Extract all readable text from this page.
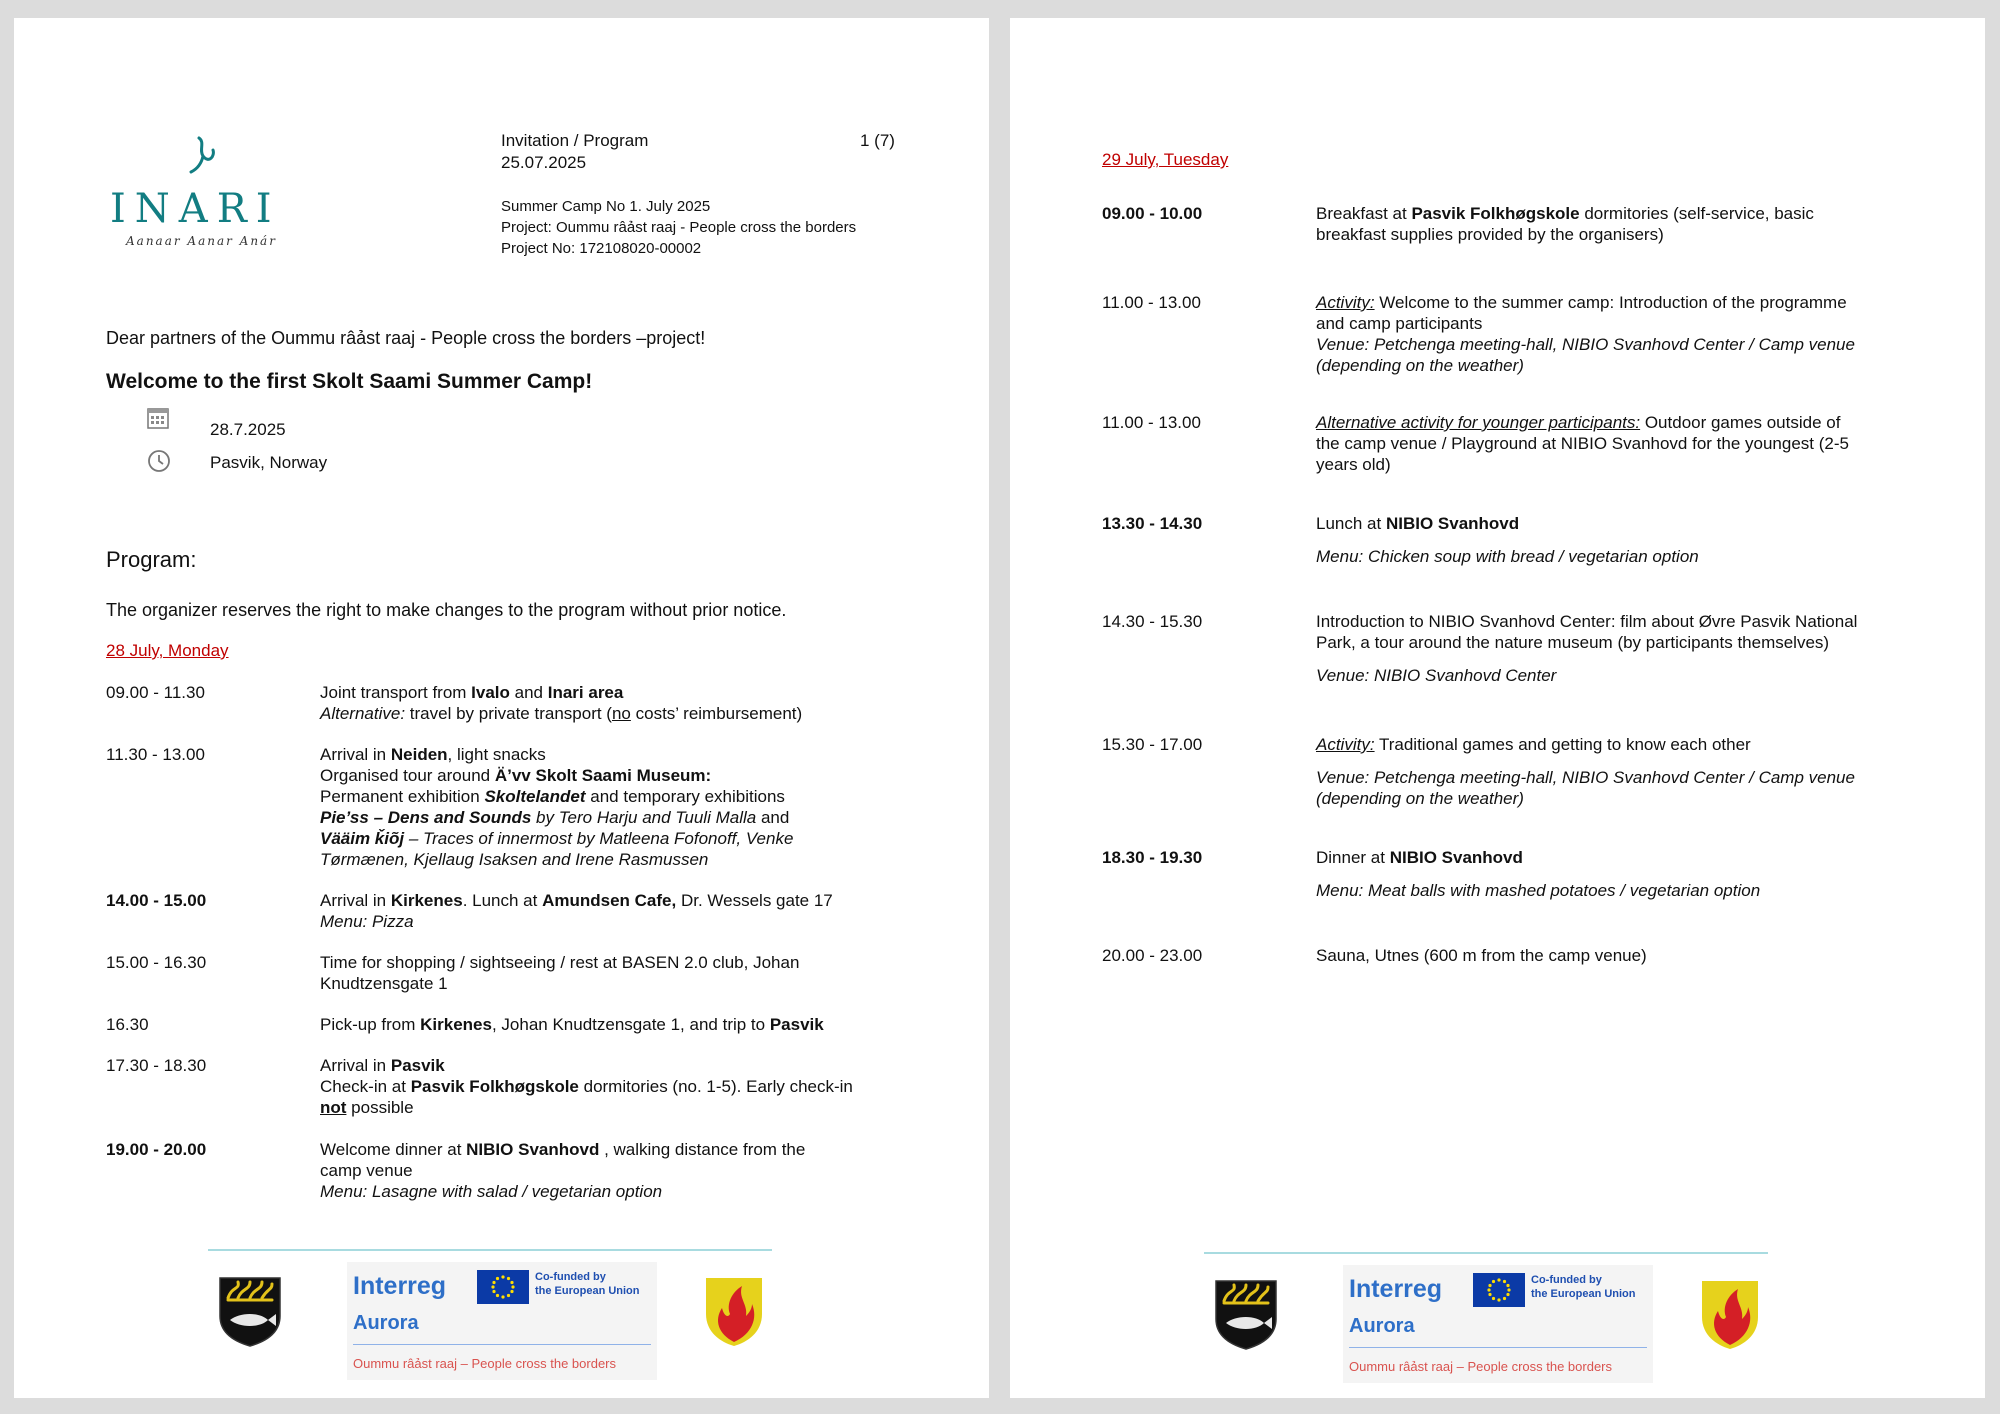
INARI
Aanaar Aanar Anár
Invitation / Program	1 (7)
25.07.2025
Summer Camp No 1. July 2025
Project: Oummu râảst raaj - People cross the borders
Project No: 172108020-00002
Dear partners of the Oummu râảst raaj - People cross the borders –project!
Welcome to the first Skolt Saami Summer Camp!
28.7.2025
Pasvik, Norway
Program:
The organizer reserves the right to make changes to the program without prior notice.
28 July, Monday
09.00 - 11.30	Joint transport from Ivalo and Inari area

Alternative: travel by private transport (no costs’ reimbursement)

11.30 - 13.00	Arrival in Neiden, light snacks

Organised tour around Ä’vv Skolt Saami Museum:

Permanent exhibition Skoltelandet and temporary exhibitions

Pie’ss – Dens and Sounds by Tero Harju and Tuuli Malla and

Vääim ǩiõj – Traces of innermost by Matleena Fofonoff, Venke

Tørmænen, Kjellaug Isaksen and Irene Rasmussen

14.00 - 15.00	Arrival in Kirkenes. Lunch at Amundsen Cafe, Dr. Wessels gate 17

Menu: Pizza

15.00 - 16.30	Time for shopping / sightseeing / rest at BASEN 2.0 club, Johan

Knudtzensgate 1

16.30	Pick-up from Kirkenes, Johan Knudtzensgate 1, and trip to Pasvik

17.30 - 18.30	Arrival in Pasvik

Check-in at Pasvik Folkhøgskole dormitories (no. 1-5). Early check-in

not possible

19.00 - 20.00	Welcome dinner at NIBIO Svanhovd , walking distance from the

camp venue

Menu: Lasagne with salad / vegetarian option

Interreg
Aurora
Co-funded by
the European Union
Oummu râảst raaj – People cross the borders
29 July, Tuesday
09.00 - 10.00	Breakfast at Pasvik Folkhøgskole dormitories (self-service, basic

breakfast supplies provided by the organisers)

11.00 - 13.00	Activity: Welcome to the summer camp: Introduction of the programme

and camp participants

Venue: Petchenga meeting-hall, NIBIO Svanhovd Center / Camp venue

(depending on the weather)

11.00 - 13.00	Alternative activity for younger participants: Outdoor games outside of

the camp venue / Playground at NIBIO Svanhovd for the youngest (2-5

years old)

13.30 - 14.30	Lunch at NIBIO Svanhovd

Menu: Chicken soup with bread / vegetarian option

14.30 - 15.30	Introduction to NIBIO Svanhovd Center: film about Øvre Pasvik National

Park, a tour around the nature museum (by participants themselves)

Venue: NIBIO Svanhovd Center

15.30 - 17.00	Activity: Traditional games and getting to know each other

Venue: Petchenga meeting-hall, NIBIO Svanhovd Center / Camp venue

(depending on the weather)

18.30 - 19.30	Dinner at NIBIO Svanhovd

Menu: Meat balls with mashed potatoes / vegetarian option

20.00 - 23.00	Sauna, Utnes (600 m from the camp venue)

Interreg
Aurora
Co-funded by
the European Union
Oummu râảst raaj – People cross the borders
